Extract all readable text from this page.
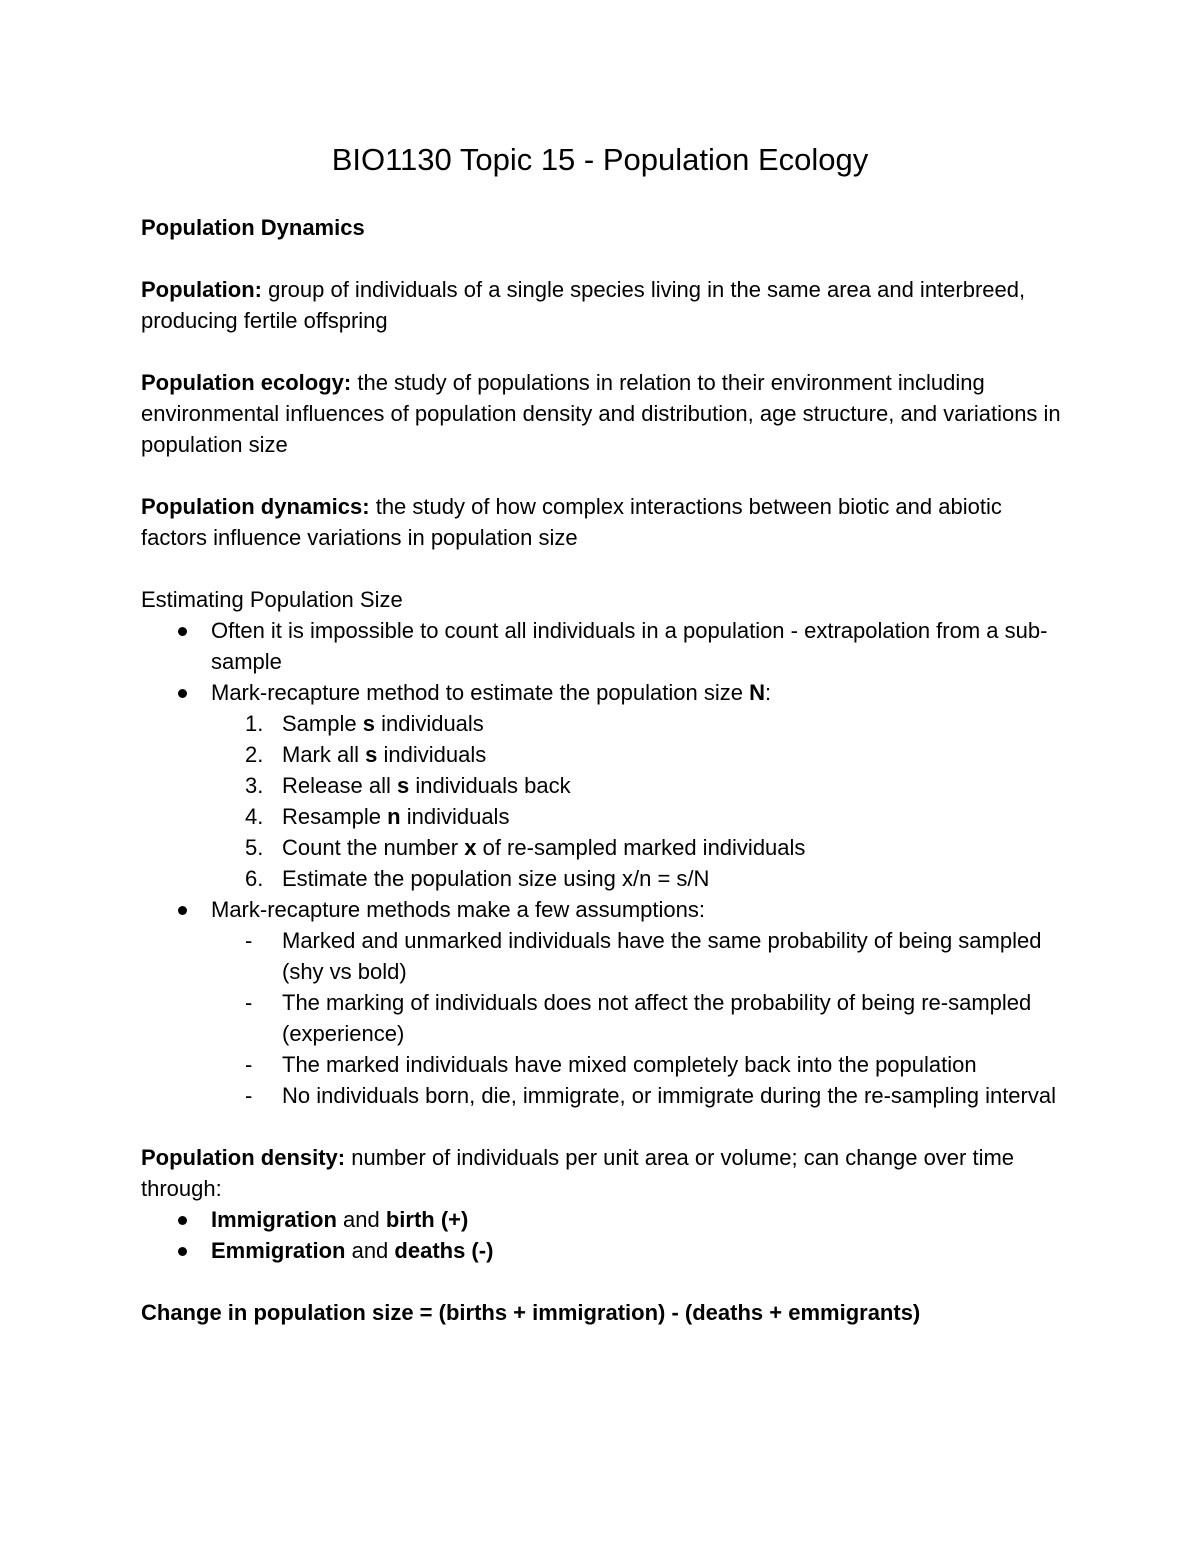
BIO1130 Topic 15 - Population Ecology

Population Dynamics

Population: group of individuals of a single species living in the same area and interbreed, producing fertile offspring

Population ecology: the study of populations in relation to their environment including environmental influences of population density and distribution, age structure, and variations in population size

Population dynamics: the study of how complex interactions between biotic and abiotic factors influence variations in population size

Estimating Population Size

Often it is impossible to count all individuals in a population - extrapolation from a sub-sample
Mark-recapture method to estimate the population size N:
1. Sample s individuals
2. Mark all s individuals
3. Release all s individuals back
4. Resample n individuals
5. Count the number x of re-sampled marked individuals
6. Estimate the population size using x/n = s/N
Mark-recapture methods make a few assumptions:
- Marked and unmarked individuals have the same probability of being sampled (shy vs bold)
- The marking of individuals does not affect the probability of being re-sampled (experience)
- The marked individuals have mixed completely back into the population
- No individuals born, die, immigrate, or immigrate during the re-sampling interval

Population density: number of individuals per unit area or volume; can change over time through:

Immigration and birth (+)
Emmigration and deaths (-)

Change in population size = (births + immigration) - (deaths + emmigrants)
